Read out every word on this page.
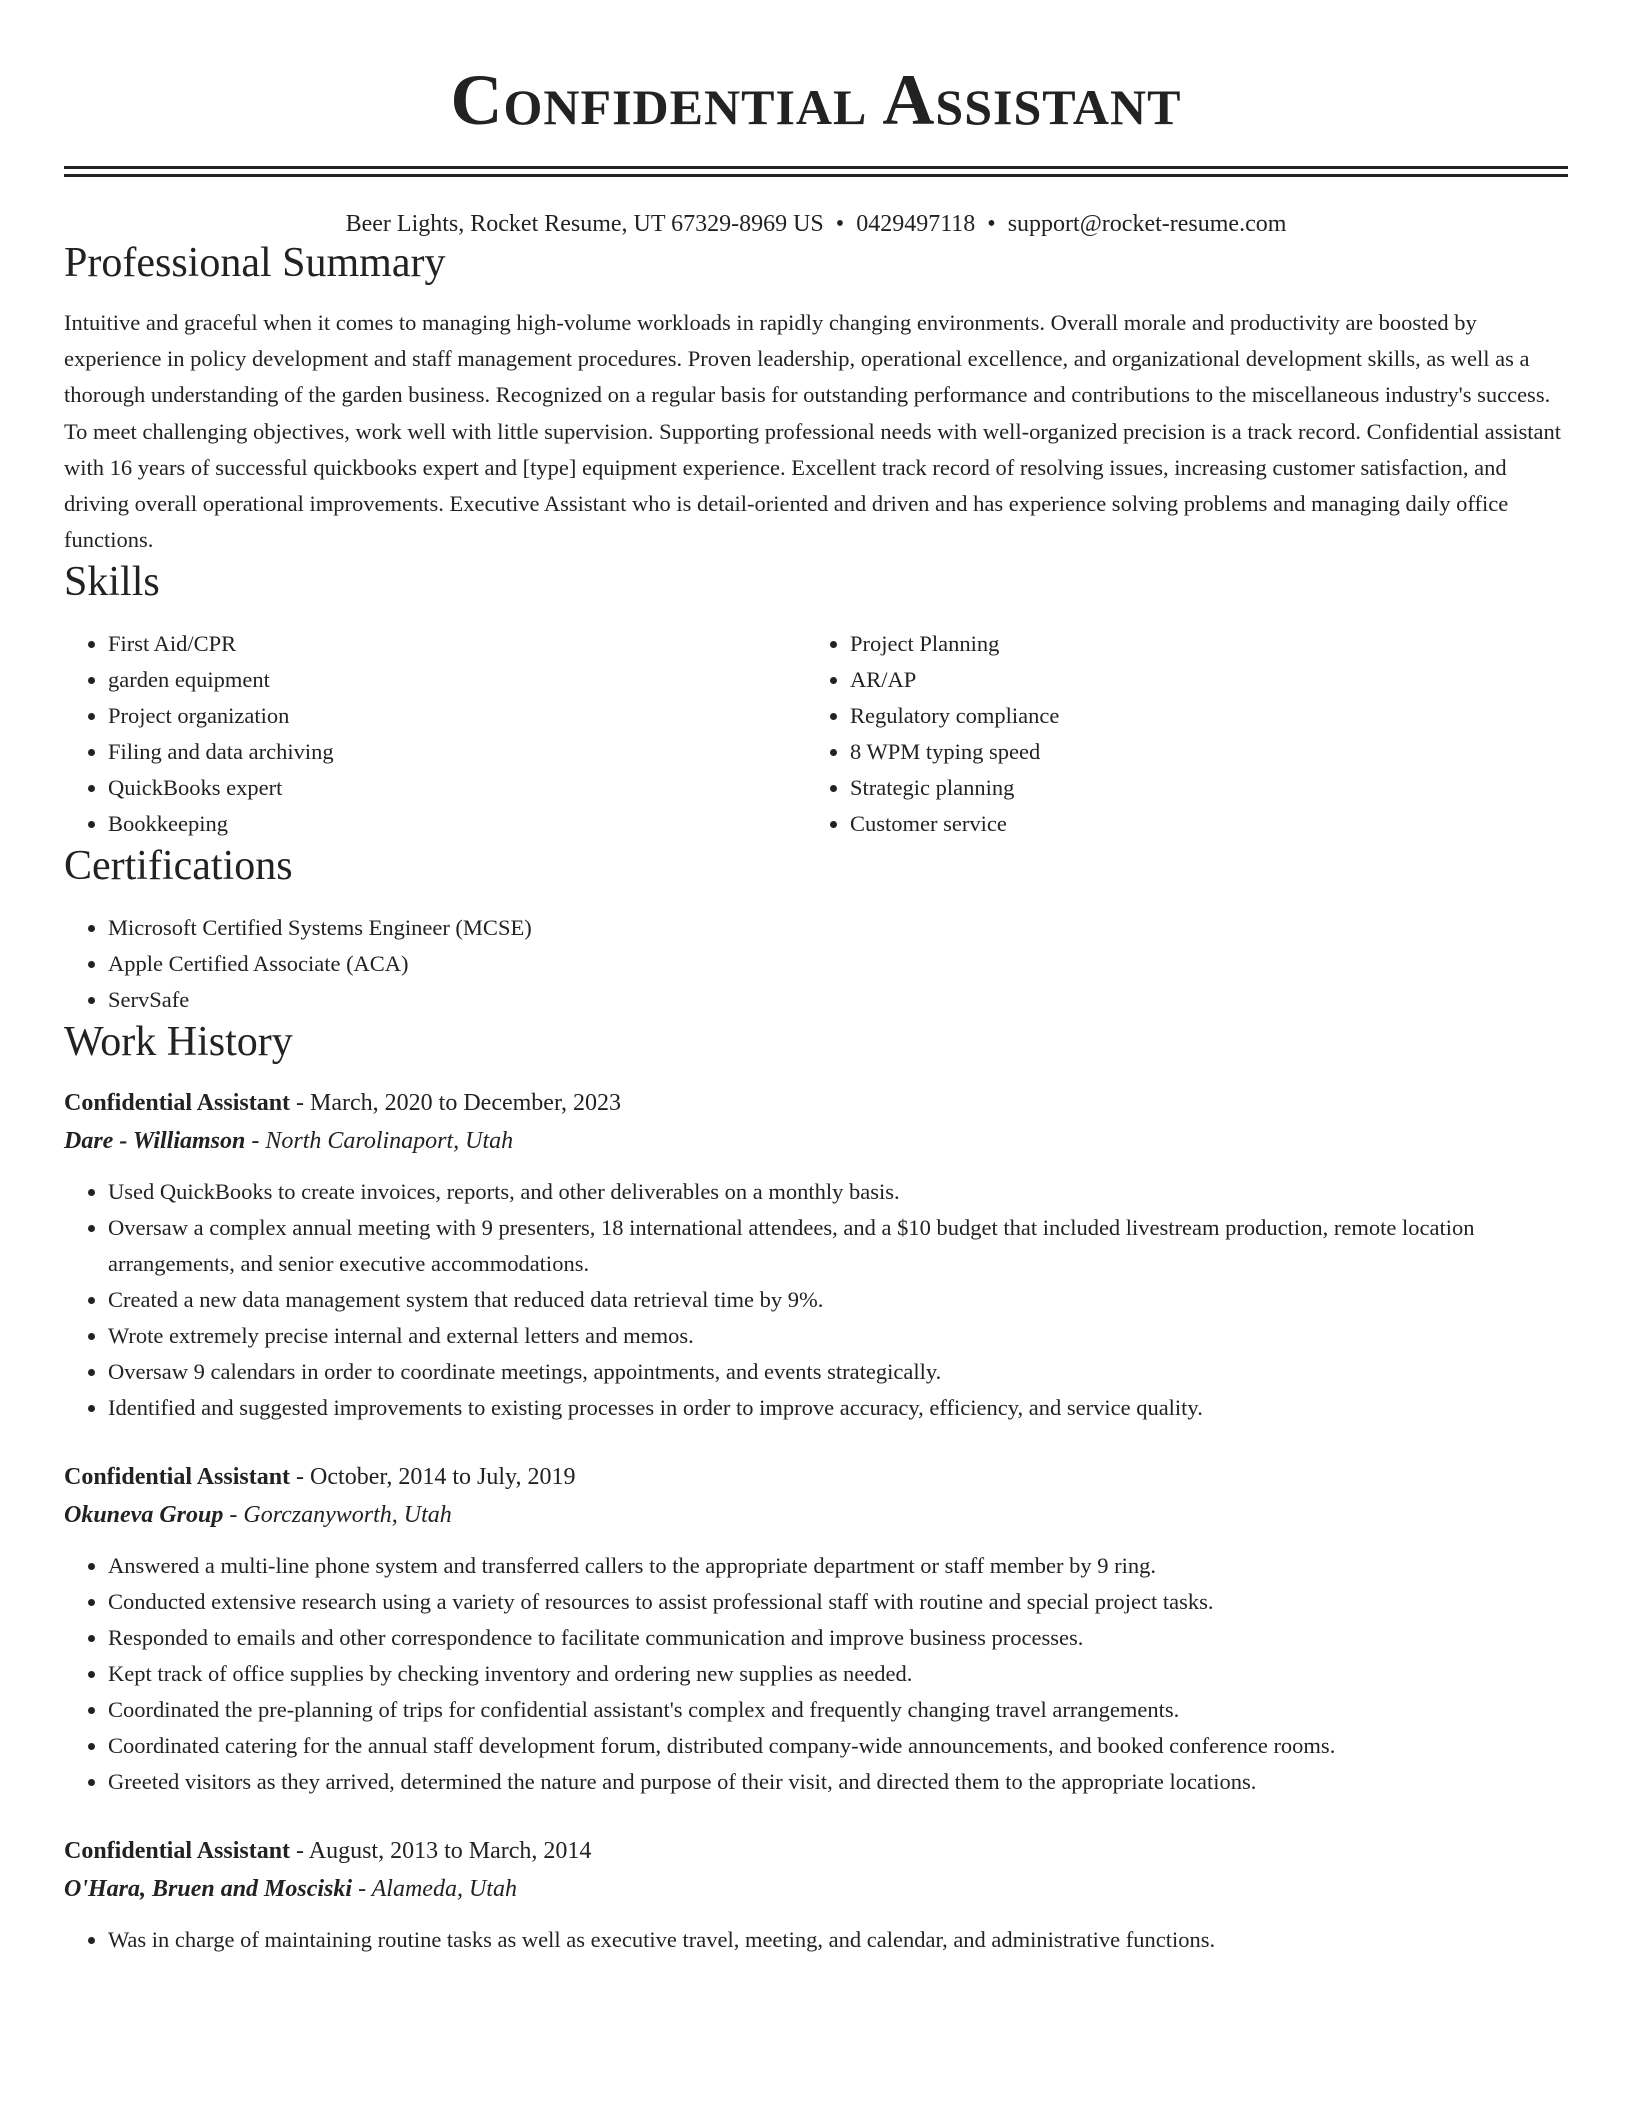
Confidential Assistant
Beer Lights, Rocket Resume, UT 67329-8969 US • 0429497118 • support@rocket-resume.com
Professional Summary

Intuitive and graceful when it comes to managing high-volume workloads in rapidly changing environments. Overall morale and productivity are boosted by experience in policy development and staff management procedures. Proven leadership, operational excellence, and organizational development skills, as well as a thorough understanding of the garden business. Recognized on a regular basis for outstanding performance and contributions to the miscellaneous industry's success. To meet challenging objectives, work well with little supervision. Supporting professional needs with well-organized precision is a track record. Confidential assistant with 16 years of successful quickbooks expert and [type] equipment experience. Excellent track record of resolving issues, increasing customer satisfaction, and driving overall operational improvements. Executive Assistant who is detail-oriented and driven and has experience solving problems and managing daily office functions.

Skills
• First Aid/CPR
• garden equipment
• Project organization
• Filing and data archiving
• QuickBooks expert
• Bookkeeping
• Project Planning
• AR/AP
• Regulatory compliance
• 8 WPM typing speed
• Strategic planning
• Customer service
Certifications
• Microsoft Certified Systems Engineer (MCSE)
• Apple Certified Associate (ACA)
• ServSafe
Work History
Confidential Assistant - March, 2020 to December, 2023
Dare - Williamson - North Carolinaport, Utah
• Used QuickBooks to create invoices, reports, and other deliverables on a monthly basis.
• Oversaw a complex annual meeting with 9 presenters, 18 international attendees, and a $10 budget that included livestream production, remote location arrangements, and senior executive accommodations.
• Created a new data management system that reduced data retrieval time by 9%.
• Wrote extremely precise internal and external letters and memos.
• Oversaw 9 calendars in order to coordinate meetings, appointments, and events strategically.
• Identified and suggested improvements to existing processes in order to improve accuracy, efficiency, and service quality.
Confidential Assistant - October, 2014 to July, 2019
Okuneva Group - Gorczanyworth, Utah
• Answered a multi-line phone system and transferred callers to the appropriate department or staff member by 9 ring.
• Conducted extensive research using a variety of resources to assist professional staff with routine and special project tasks.
• Responded to emails and other correspondence to facilitate communication and improve business processes.
• Kept track of office supplies by checking inventory and ordering new supplies as needed.
• Coordinated the pre-planning of trips for confidential assistant's complex and frequently changing travel arrangements.
• Coordinated catering for the annual staff development forum, distributed company-wide announcements, and booked conference rooms.
• Greeted visitors as they arrived, determined the nature and purpose of their visit, and directed them to the appropriate locations.
Confidential Assistant - August, 2013 to March, 2014
O'Hara, Bruen and Mosciski - Alameda, Utah
• Was in charge of maintaining routine tasks as well as executive travel, meeting, and calendar, and administrative functions.
